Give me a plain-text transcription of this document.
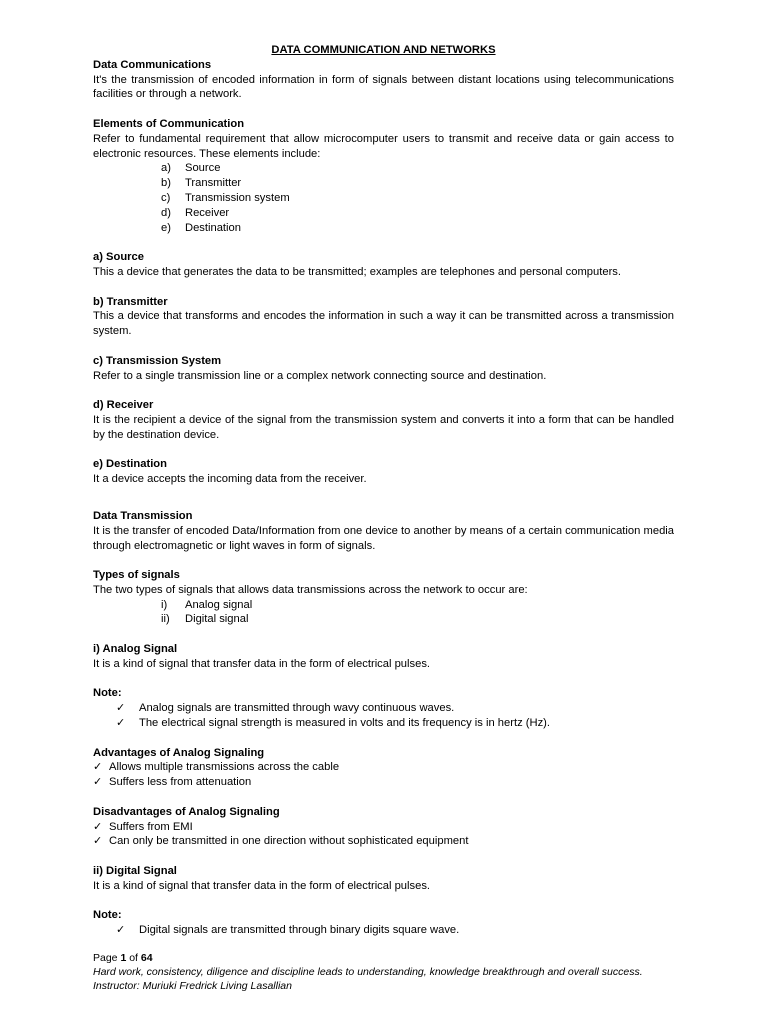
DATA COMMUNICATION AND NETWORKS

Data Communications

It's the transmission of encoded information in form of signals between distant locations using telecommunications facilities or through a network.

Elements of Communication

Refer to fundamental requirement that allow microcomputer users to transmit and receive data or gain access to electronic resources. These elements include:

a)	Source
b)	Transmitter
c)	Transmission system
d)	Receiver
e)	Destination

a) Source

This a device that generates the data to be transmitted; examples are telephones and personal computers.

b) Transmitter

This a device that transforms and encodes the information in such a way it can be transmitted across a transmission system.

c) Transmission System

Refer to a single transmission line or a complex network connecting source and destination.

d) Receiver

It is the recipient a device of the signal from the transmission system and converts it into a form that can be handled by the destination device.

e) Destination

It a device accepts the incoming data from the receiver.

Data Transmission

It is the transfer of encoded Data/Information from one device to another by means of a certain communication media through electromagnetic or light waves in form of signals.

Types of signals

The two types of signals that allows data transmissions across the network to occur are:

i)	Analog signal
ii)	Digital signal

i) Analog Signal

It is a kind of signal that transfer data in the form of electrical pulses.

Note:

✓	Analog signals are transmitted through wavy continuous waves.
✓	The electrical signal strength is measured in volts and its frequency is in hertz (Hz).

Advantages of Analog Signaling

✓ Allows multiple transmissions across the cable
✓ Suffers less from attenuation

Disadvantages of Analog Signaling

✓ Suffers from EMI
✓ Can only be transmitted in one direction without sophisticated equipment

ii) Digital Signal

It is a kind of signal that transfer data in the form of electrical pulses.

Note:

✓	Digital signals are transmitted through binary digits square wave.
Page 1 of 64
Hard work, consistency, diligence and discipline leads to understanding, knowledge breakthrough and overall success.
Instructor: Muriuki Fredrick Living Lasallian
